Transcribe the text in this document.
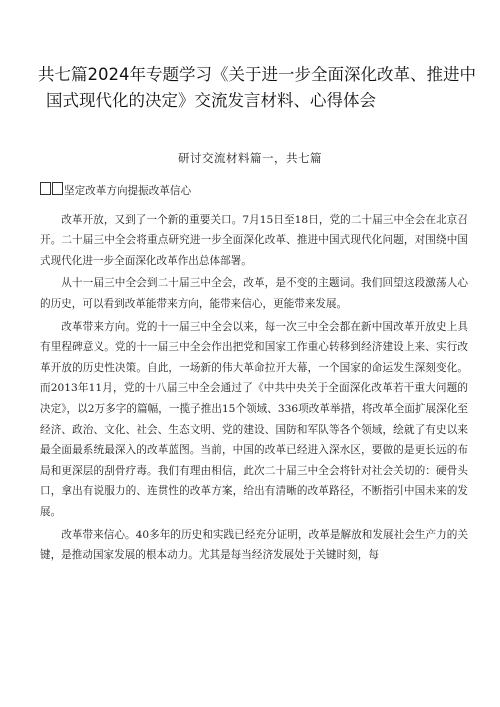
共七篇2024年专题学习《关于进一步全面深化改革、推进中
国式现代化的决定》交流发言材料、心得体会
研讨交流材料篇一，共七篇

坚定改革方向提振改革信心

改革开放，又到了一个新的重要关口。7月15日至18日，党的二十届三中全会在北京召开。二十届三中全会将重点研究进一步全面深化改革、推进中国式现代化问题，对围绕中国式现代化进一步全面深化改革作出总体部署。

从十一届三中全会到二十届三中全会，改革，是不变的主题词。我们回望这段激荡人心的历史，可以看到改革能带来方向，能带来信心，更能带来发展。

改革带来方向。党的十一届三中全会以来，每一次三中全会都在新中国改革开放史上具有里程碑意义。党的十一届三中全会作出把党和国家工作重心转移到经济建设上来、实行改革开放的历史性决策。自此，一场新的伟大革命拉开大幕，一个国家的命运发生深刻变化。而2013年11月，党的十八届三中全会通过了《中共中央关于全面深化改革若干重大问题的决定》，以2万多字的篇幅，一揽子推出15个领域、336项改革举措，将改革全面扩展深化至经济、政治、文化、社会、生态文明、党的建设、国防和军队等各个领域，绘就了有史以来最全面最系统最深入的改革蓝图。当前，中国的改革已经进入深水区，要做的是更长远的布局和更深层的刮骨疗毒。我们有理由相信，此次二十届三中全会将针对社会关切的：硬骨头口，拿出有说服力的、连贯性的改革方案，给出有清晰的改革路径，不断指引中国未来的发展。

改革带来信心。40多年的历史和实践已经充分证明，改革是解放和发展社会生产力的关键，是推动国家发展的根本动力。尤其是每当经济发展处于关键时刻，每
